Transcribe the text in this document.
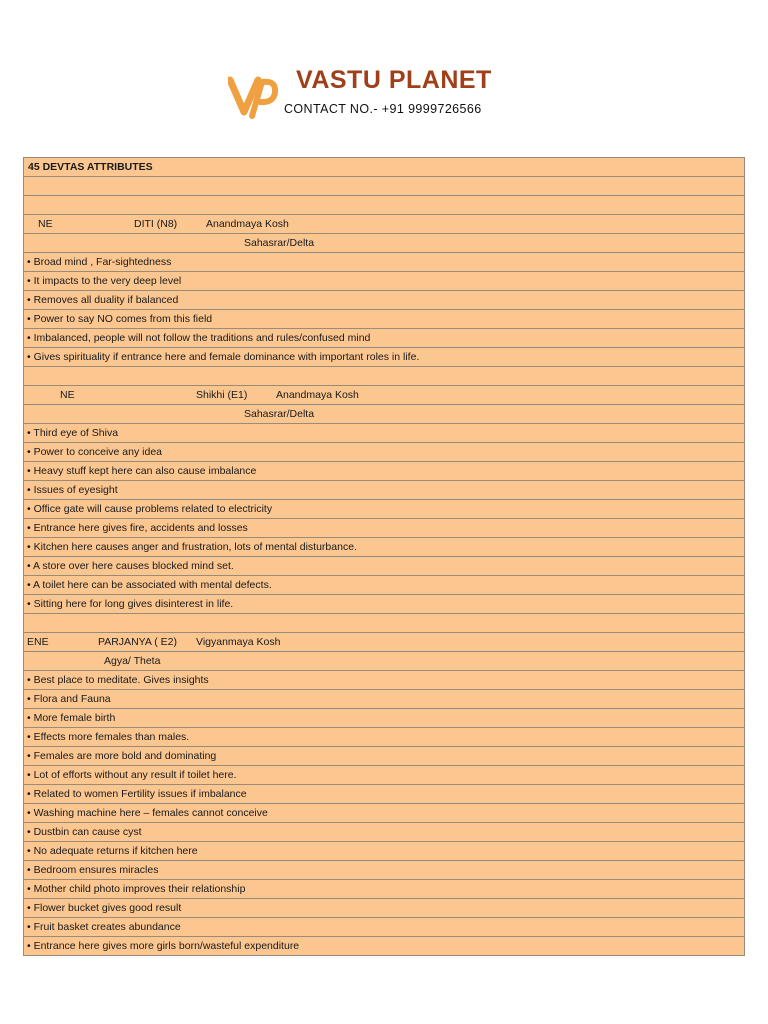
VASTU PLANET
CONTACT NO.- +91 9999726566
45 DEVTAS ATTRIBUTES
NE	DITI (N8)	Anandmaya Kosh
Sahasrar/Delta
• Broad mind , Far-sightedness
• It impacts to the very deep level
• Removes all duality if balanced
• Power to say NO comes from this field
• Imbalanced, people will not follow the traditions and rules/confused mind
• Gives spirituality if entrance here and female dominance with important roles in life.
NE	Shikhi (E1)	Anandmaya Kosh
Sahasrar/Delta
• Third eye of Shiva
• Power to conceive any idea
• Heavy stuff kept here can also cause imbalance
• Issues of eyesight
• Office gate will cause problems related to electricity
• Entrance here gives fire, accidents and losses
• Kitchen here causes anger and frustration, lots of mental disturbance.
• A store over here causes blocked mind set.
• A toilet here can be associated with mental defects.
• Sitting here for long gives disinterest in life.
ENE	PARJANYA ( E2) Vigyanmaya Kosh
Agya/ Theta
• Best place to meditate. Gives insights
• Flora and Fauna
• More female birth
• Effects more females than males.
• Females are more bold and dominating
• Lot of efforts without any result if toilet here.
• Related to women Fertility issues if imbalance
• Washing machine here – females cannot conceive
• Dustbin can cause cyst
• No adequate returns if kitchen here
• Bedroom ensures miracles
• Mother child photo improves their relationship
• Flower bucket gives good result
• Fruit basket creates abundance
• Entrance here gives more girls born/wasteful expenditure
